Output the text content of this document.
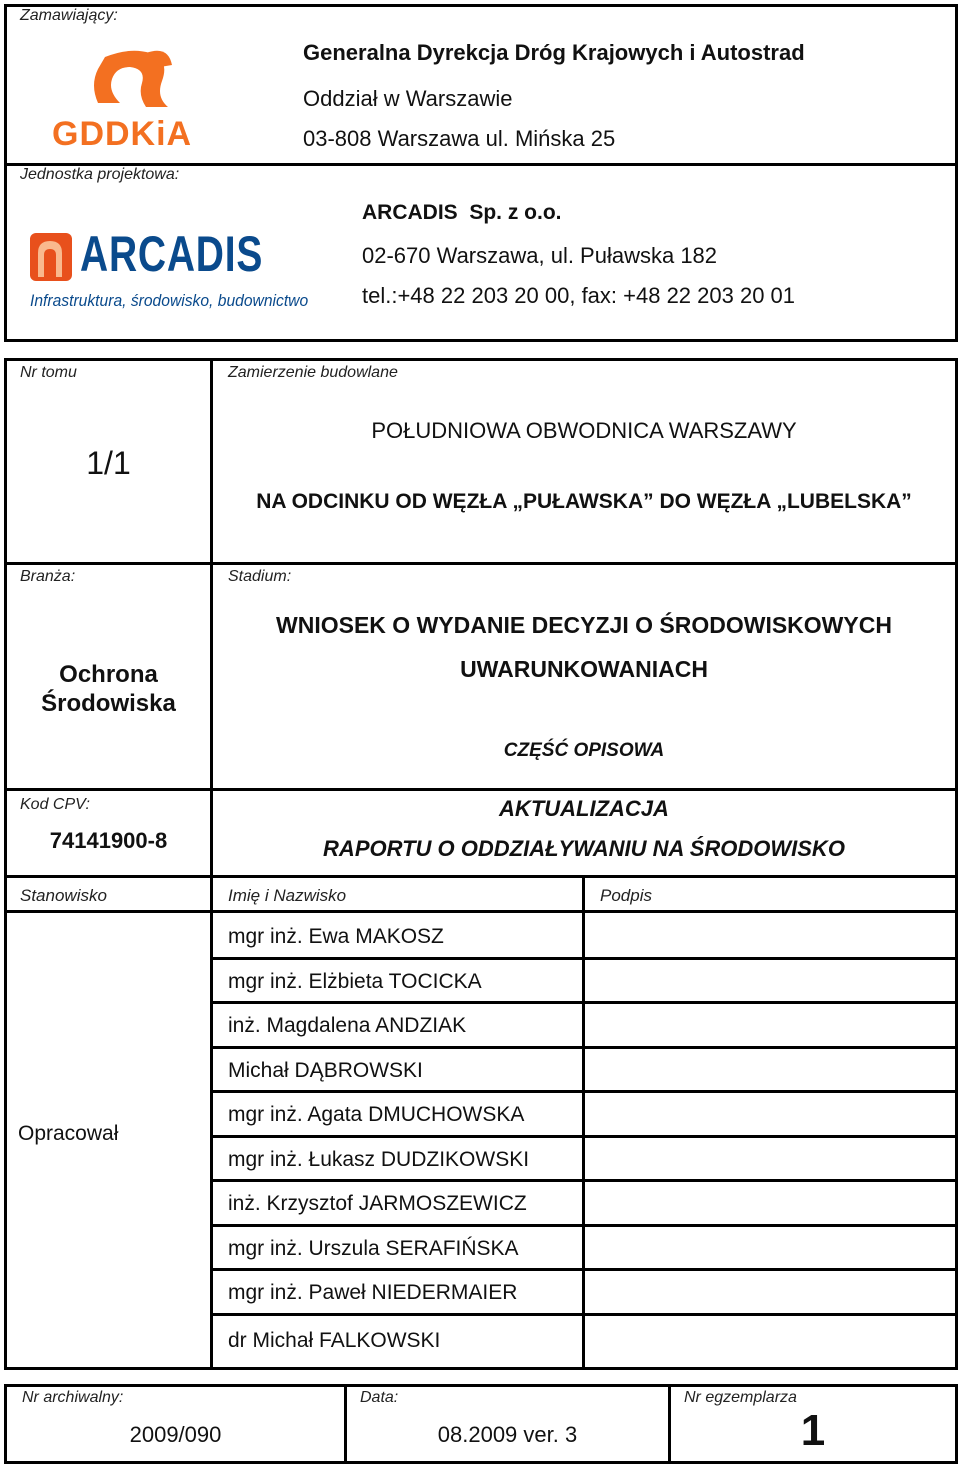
Zamawiający:
GDDKiA
Generalna Dyrekcja Dróg Krajowych i Autostrad
Oddział w Warszawie
03-808 Warszawa ul. Mińska 25
Jednostka projektowa:
ARCADIS
Infrastruktura, środowisko, budownictwo
ARCADIS  Sp. z o.o.
02-670 Warszawa, ul. Puławska 182
tel.:+48 22 203 20 00, fax: +48 22 203 20 01
Nr tomu
1/1
Zamierzenie budowlane
POŁUDNIOWA OBWODNICA WARSZAWY
NA ODCINKU OD WĘZŁA „PUŁAWSKA” DO WĘZŁA „LUBELSKA”
Branża:
Ochrona
Środowiska
Stadium:
WNIOSEK O WYDANIE DECYZJI O ŚRODOWISKOWYCH
UWARUNKOWANIACH
CZĘŚĆ OPISOWA
Kod CPV:
74141900-8
AKTUALIZACJA
RAPORTU O ODDZIAŁYWANIU NA ŚRODOWISKO
Stanowisko	Imię i Nazwisko	Podpis
Opracował
mgr inż. Ewa MAKOSZ
mgr inż. Elżbieta TOCICKA
inż. Magdalena ANDZIAK
Michał DĄBROWSKI
mgr inż. Agata DMUCHOWSKA
mgr inż. Łukasz DUDZIKOWSKI
inż. Krzysztof JARMOSZEWICZ
mgr inż. Urszula SERAFIŃSKA
mgr inż. Paweł NIEDERMAIER
dr Michał FALKOWSKI
Nr archiwalny:
2009/090
Data:
08.2009 ver. 3
Nr egzemplarza
1
